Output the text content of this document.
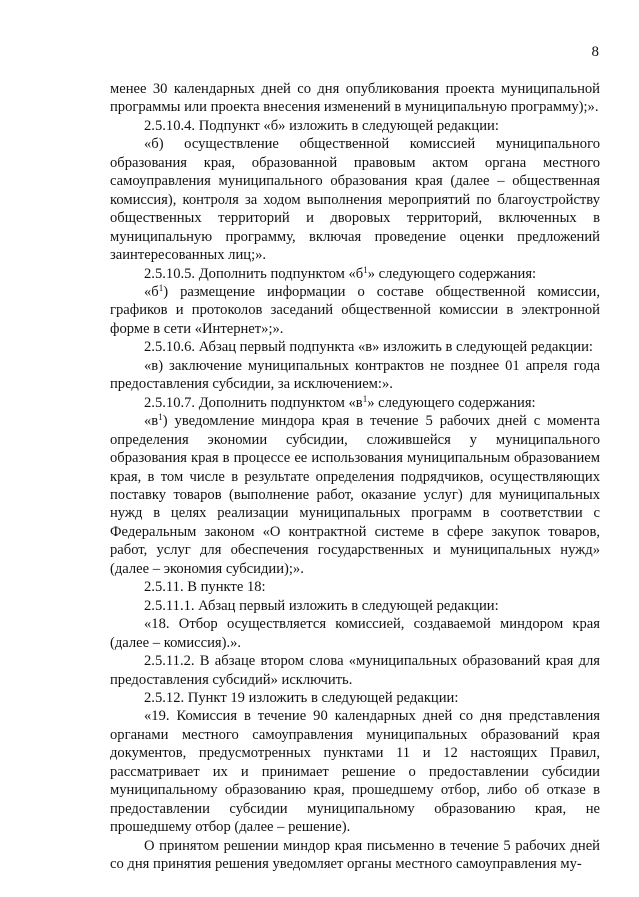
8

менее 30 календарных дней со дня опубликования проекта муниципальной программы или проекта внесения изменений в муниципальную программу);».

2.5.10.4. Подпункт «б» изложить в следующей редакции:

«б) осуществление общественной комиссией муниципального образования края, образованной правовым актом органа местного самоуправления муниципального образования края (далее – общественная комиссия), контроля за ходом выполнения мероприятий по благоустройству общественных территорий и дворовых территорий, включенных в муниципальную программу, включая проведение оценки предложений заинтересованных лиц;».

2.5.10.5. Дополнить подпунктом «$б^1$» следующего содержания:

«$б^1$) размещение информации о составе общественной комиссии, графиков и протоколов заседаний общественной комиссии в электронной форме в сети «Интернет»;».

2.5.10.6. Абзац первый подпункта «в» изложить в следующей редакции:

«в) заключение муниципальных контрактов не позднее 01 апреля года предоставления субсидии, за исключением:».

2.5.10.7. Дополнить подпунктом «$в^1$» следующего содержания:

«$в^1$) уведомление миндора края в течение 5 рабочих дней с момента определения экономии субсидии, сложившейся у муниципального образования края в процессе ее использования муниципальным образованием края, в том числе в результате определения подрядчиков, осуществляющих поставку товаров (выполнение работ, оказание услуг) для муниципальных нужд в целях реализации муниципальных программ в соответствии с Федеральным законом «О контрактной системе в сфере закупок товаров, работ, услуг для обеспечения государственных и муниципальных нужд» (далее – экономия субсидии);».

2.5.11. В пункте 18:

2.5.11.1. Абзац первый изложить в следующей редакции:

«18. Отбор осуществляется комиссией, создаваемой миндором края (далее – комиссия).».

2.5.11.2. В абзаце втором слова «муниципальных образований края для предоставления субсидий» исключить.

2.5.12. Пункт 19 изложить в следующей редакции:

«19. Комиссия в течение 90 календарных дней со дня представления органами местного самоуправления муниципальных образований края документов, предусмотренных пунктами 11 и 12 настоящих Правил, рассматривает их и принимает решение о предоставлении субсидии муниципальному образованию края, прошедшему отбор, либо об отказе в предоставлении субсидии муниципальному образованию края, не прошедшему отбор (далее – решение).

О принятом решении миндор края письменно в течение 5 рабочих дней со дня принятия решения уведомляет органы местного самоуправления му-
